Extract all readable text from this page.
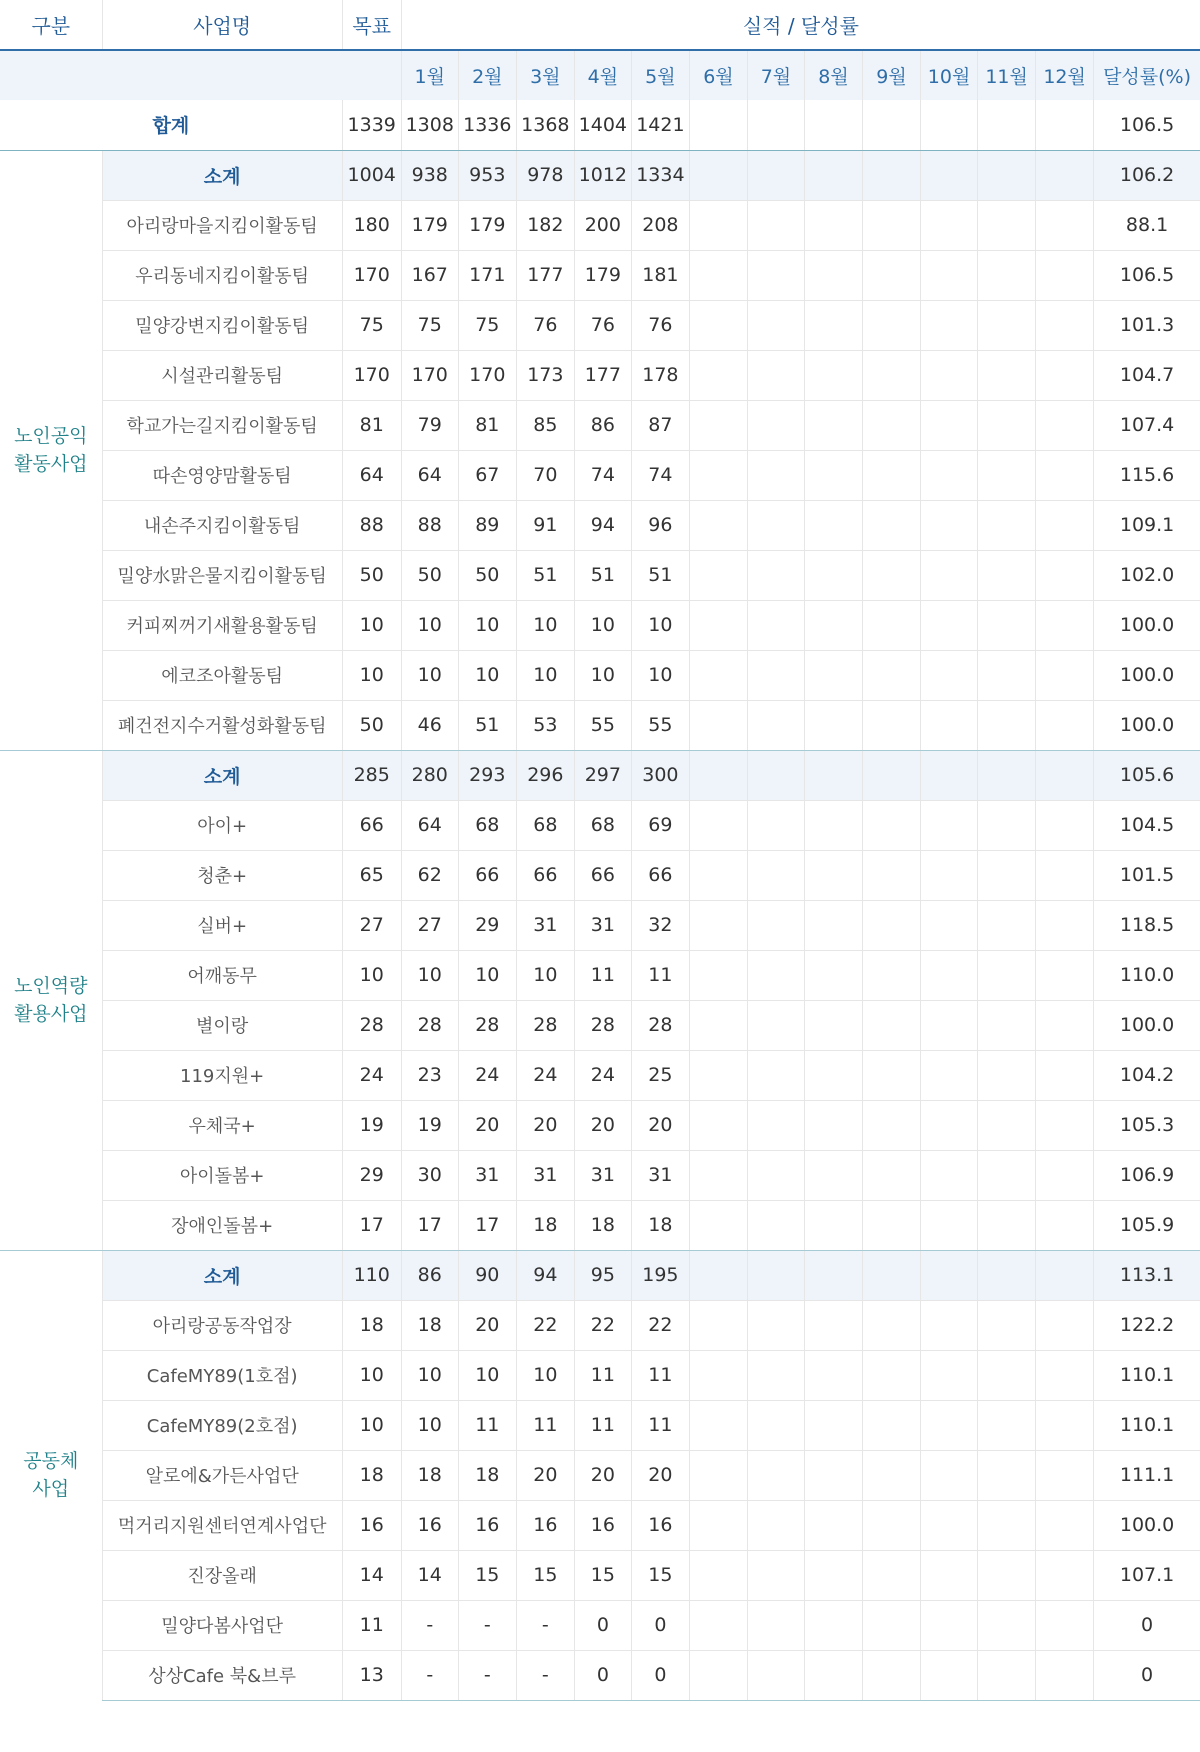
구분	사업명	목표	실적 / 달성률												
			1월	2월	3월	4월	5월	6월	7월	8월	9월	10월	11월	12월	달성률(%)
합계		1339	1308	1336	1368	1404	1421								106.5

노인공익
활동사업	소계	1004	938	953	978	1012	1334								106.2
	아리랑마을지킴이활동팀	180	179	179	182	200	208								88.1
	우리동네지킴이활동팀	170	167	171	177	179	181								106.5
	밀양강변지킴이활동팀	75	75	75	76	76	76								101.3
	시설관리활동팀	170	170	170	173	177	178								104.7
	학교가는길지킴이활동팀	81	79	81	85	86	87								107.4
	따손영양맘활동팀	64	64	67	70	74	74								115.6
	내손주지킴이활동팀	88	88	89	91	94	96								109.1
	밀양水맑은물지킴이활동팀	50	50	50	51	51	51								102.0
	커피찌꺼기새활용활동팀	10	10	10	10	10	10								100.0
	에코조아활동팀	10	10	10	10	10	10								100.0
	폐건전지수거활성화활동팀	50	46	51	53	55	55								100.0

노인역량
활용사업	소계	285	280	293	296	297	300								105.6
	아이+	66	64	68	68	68	69								104.5
	청춘+	65	62	66	66	66	66								101.5
	실버+	27	27	29	31	31	32								118.5
	어깨동무	10	10	10	10	11	11								110.0
	별이랑	28	28	28	28	28	28								100.0
	119지원+	24	23	24	24	24	25								104.2
	우체국+	19	19	20	20	20	20								105.3
	아이돌봄+	29	30	31	31	31	31								106.9
	장애인돌봄+	17	17	17	18	18	18								105.9

공동체
사업	소계	110	86	90	94	95	195								113.1
	아리랑공동작업장	18	18	20	22	22	22								122.2
	CafeMY89(1호점)	10	10	10	10	11	11								110.1
	CafeMY89(2호점)	10	10	11	11	11	11								110.1
	알로에&가든사업단	18	18	18	20	20	20								111.1
	먹거리지원센터연계사업단	16	16	16	16	16	16								100.0
	진장올래	14	14	15	15	15	15								107.1
	밀양다봄사업단	11	-	-	-	0	0								0
	상상Cafe 북&브루	13	-	-	-	0	0								0
